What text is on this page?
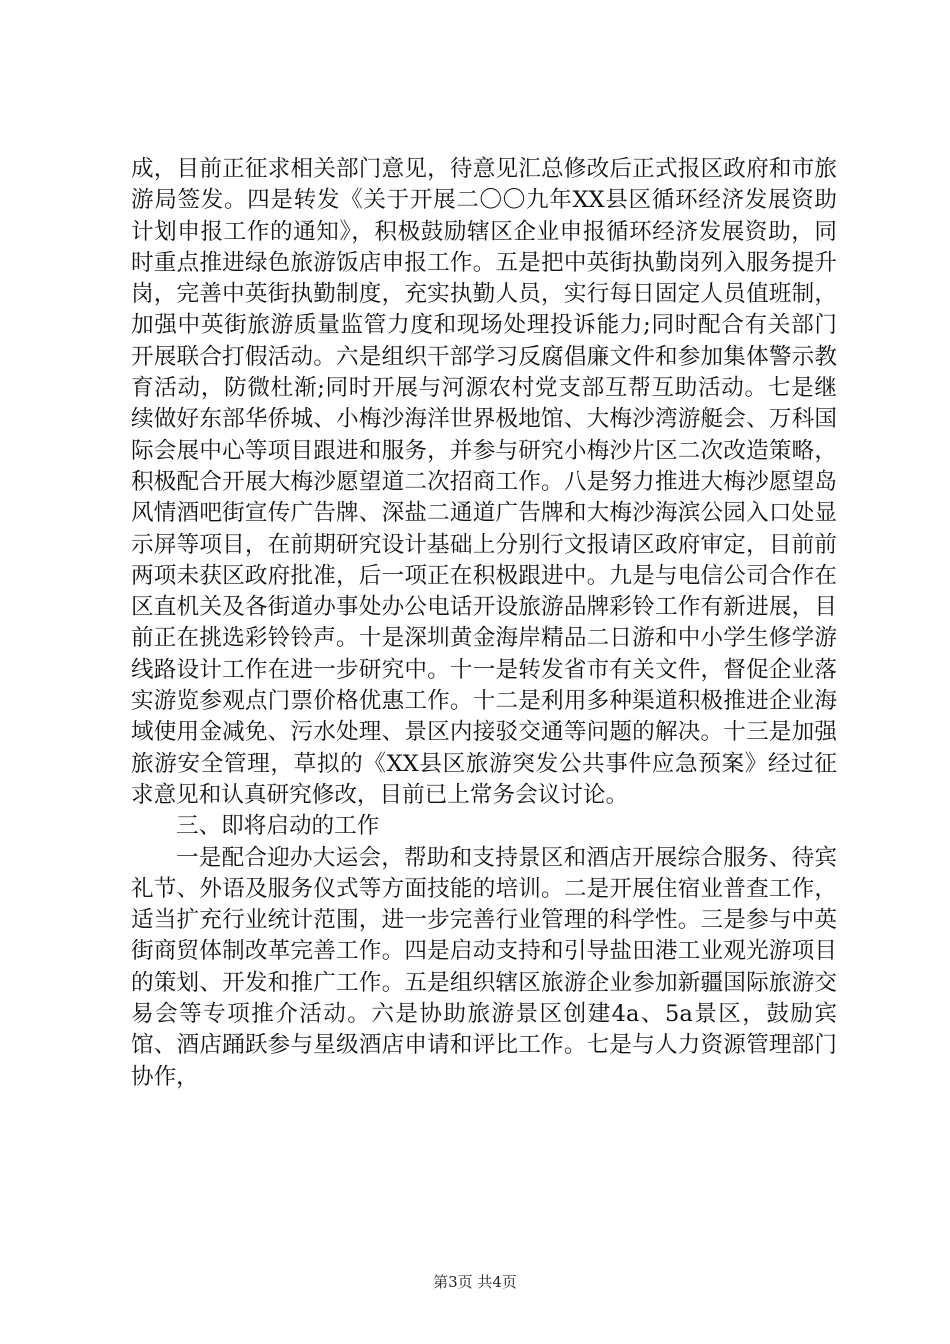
成，目前正征求相关部门意见，待意见汇总修改后正式报区政府和市旅游局签发。四是转发《关于开展二〇〇九年XX县区循环经济发展资助计划申报工作的通知》，积极鼓励辖区企业申报循环经济发展资助，同时重点推进绿色旅游饭店申报工作。五是把中英街执勤岗列入服务提升岗，完善中英街执勤制度，充实执勤人员，实行每日固定人员值班制，加强中英街旅游质量监管力度和现场处理投诉能力;同时配合有关部门开展联合打假活动。六是组织干部学习反腐倡廉文件和参加集体警示教育活动，防微杜渐;同时开展与河源农村党支部互帮互助活动。七是继续做好东部华侨城、小梅沙海洋世界极地馆、大梅沙湾游艇会、万科国际会展中心等项目跟进和服务，并参与研究小梅沙片区二次改造策略，积极配合开展大梅沙愿望道二次招商工作。八是努力推进大梅沙愿望岛风情酒吧街宣传广告牌、深盐二通道广告牌和大梅沙海滨公园入口处显示屏等项目，在前期研究设计基础上分别行文报请区政府审定，目前前两项未获区政府批准，后一项正在积极跟进中。九是与电信公司合作在区直机关及各街道办事处办公电话开设旅游品牌彩铃工作有新进展，目前正在挑选彩铃铃声。十是深圳黄金海岸精品二日游和中小学生修学游线路设计工作在进一步研究中。十一是转发省市有关文件，督促企业落实游览参观点门票价格优惠工作。十二是利用多种渠道积极推进企业海域使用金减免、污水处理、景区内接驳交通等问题的解决。十三是加强旅游安全管理，草拟的《XX县区旅游突发公共事件应急预案》经过征求意见和认真研究修改，目前已上常务会议讨论。

三、即将启动的工作

一是配合迎办大运会，帮助和支持景区和酒店开展综合服务、待宾礼节、外语及服务仪式等方面技能的培训。二是开展住宿业普查工作，适当扩充行业统计范围，进一步完善行业管理的科学性。三是参与中英街商贸体制改革完善工作。四是启动支持和引导盐田港工业观光游项目的策划、开发和推广工作。五是组织辖区旅游企业参加新疆国际旅游交易会等专项推介活动。六是协助旅游景区创建4a、5a景区，鼓励宾馆、酒店踊跃参与星级酒店申请和评比工作。七是与人力资源管理部门协作，

第3页 共4页
